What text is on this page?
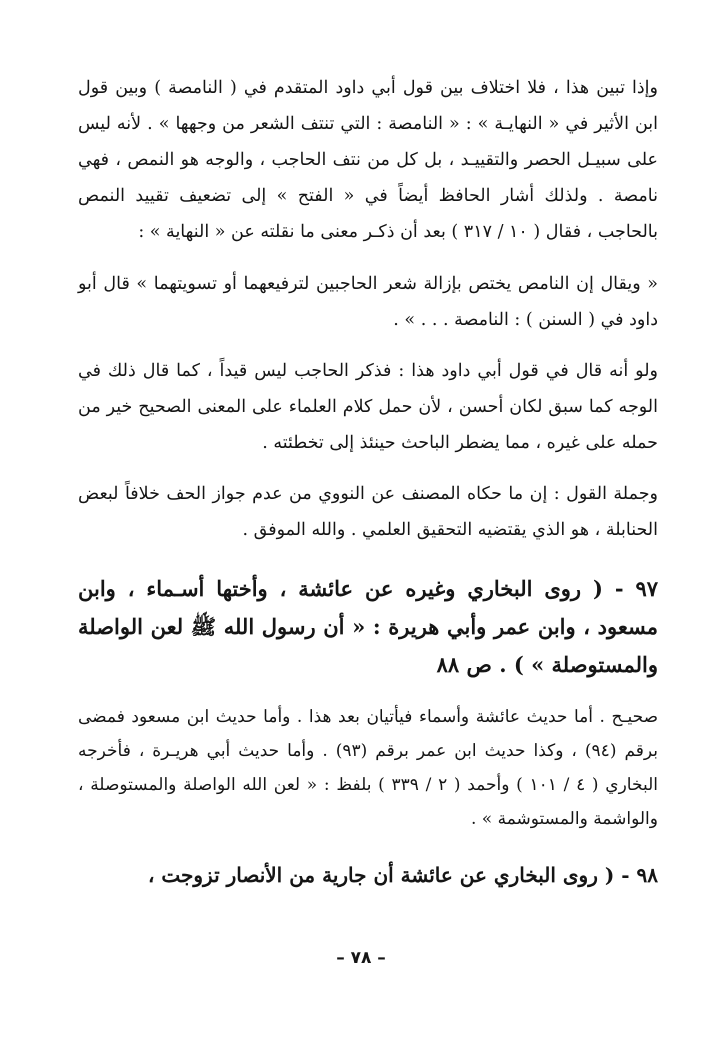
وإذا تبين هذا ، فلا اختلاف بين قول أبي داود المتقدم في ( النامصة ) وبين قول ابن الأثير في « النهايـة » : « النامصة : التي تنتف الشعر من وجهها » . لأنه ليس على سبيـل الحصر والتقييـد ، بل كل من نتف الحاجب ، والوجه هو النمص ، فهي نامصة . ولذلك أشار الحافظ أيضاً في « الفتح » إلى تضعيف تقييد النمص بالحاجب ، فقال ( ١٠ / ٣١٧ ) بعد أن ذكـر معنى ما نقلته عن « النهاية » :

« ويقال إن النامص يختص بإزالة شعر الحاجبين لترفيعهما أو تسويتهما » قال أبو داود في ( السنن ) : النامصة . . . » .

ولو أنه قال في قول أبي داود هذا : فذكر الحاجب ليس قيداً ، كما قال ذلك في الوجه كما سبق لكان أحسن ، لأن حمل كلام العلماء على المعنى الصحيح خير من حمله على غيره ، مما يضطر الباحث حينئذ إلى تخطئته .

وجملة القول : إن ما حكاه المصنف عن النووي من عدم جواز الحف خلافاً لبعض الحنابلة ، هو الذي يقتضيه التحقيق العلمي . والله الموفق .

٩٧ - ( روى البخاري وغيره عن عائشة ، وأختها أسـماء ، وابن مسعود ، وابن عمر وأبي هريرة : « أن رسول الله ﷺ لعن الواصلة والمستوصلة » ) . ص ٨٨

صحيـح . أما حديث عائشة وأسماء فيأتيان بعد هذا . وأما حديث ابن مسعود فمضى برقم (٩٤) ، وكذا حديث ابن عمر برقم (٩٣) . وأما حديث أبي هريـرة ، فأخرجه البخاري ( ٤ / ١٠١ ) وأحمد ( ٢ / ٣٣٩ ) بلفظ : « لعن الله الواصلة والمستوصلة ، والواشمة والمستوشمة » .

٩٨ - ( روى البخاري عن عائشة أن جارية من الأنصار تزوجت ،

– ٧٨ –
